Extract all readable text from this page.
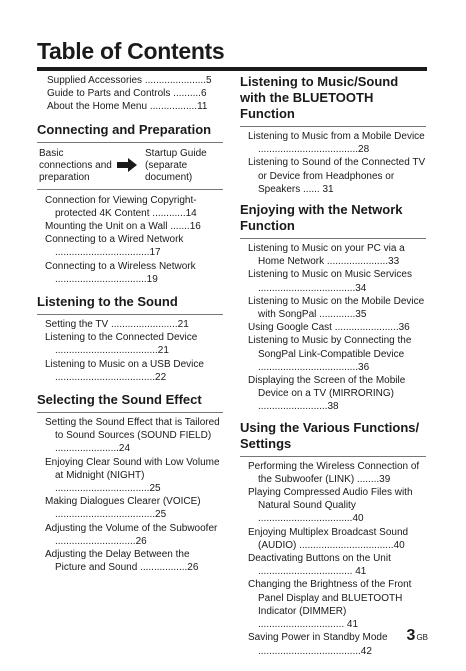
Table of Contents

Supplied Accessories ......................5

Guide to Parts and Controls ..........6

About the Home Menu .................11

Connecting and Preparation
Basic connections and preparation
Startup Guide (separate document)

Connection for Viewing Copyright-protected 4K Content ............14

Mounting the Unit on a Wall .......16

Connecting to a Wired Network ..................................17

Connecting to a Wireless Network .................................19

Listening to the Sound

Setting the TV ........................21

Listening to the Connected Device .....................................21

Listening to Music on a USB Device ....................................22

Selecting the Sound Effect

Setting the Sound Effect that is Tailored to Sound Sources (SOUND FIELD) .......................24

Enjoying Clear Sound with Low Volume at Midnight (NIGHT) ..................................25

Making Dialogues Clearer (VOICE) ....................................25

Adjusting the Volume of the Subwoofer .............................26

Adjusting the Delay Between the Picture and Sound .................26

Listening to Music/Sound with the BLUETOOTH Function

Listening to Music from a Mobile Device ....................................28

Listening to Sound of the Connected TV or Device from Headphones or Speakers ...... 31

Enjoying with the Network Function

Listening to Music on your PC via a Home Network ......................33

Listening to Music on Music Services ...................................34

Listening to Music on the Mobile Device with SongPal .............35

Using Google Cast .......................36

Listening to Music by Connecting the SongPal Link-Compatible Device ....................................36

Displaying the Screen of the Mobile Device on a TV (MIRRORING) .........................38

Using the Various Functions/ Settings

Performing the Wireless Connection of the Subwoofer (LINK) ........39

Playing Compressed Audio Files with Natural Sound Quality ..................................40

Enjoying Multiplex Broadcast Sound (AUDIO) ..................................40

Deactivating Buttons on the Unit .................................. 41

Changing the Brightness of the Front Panel Display and BLUETOOTH Indicator (DIMMER) ............................... 41

Saving Power in Standby Mode .....................................42

3GB
